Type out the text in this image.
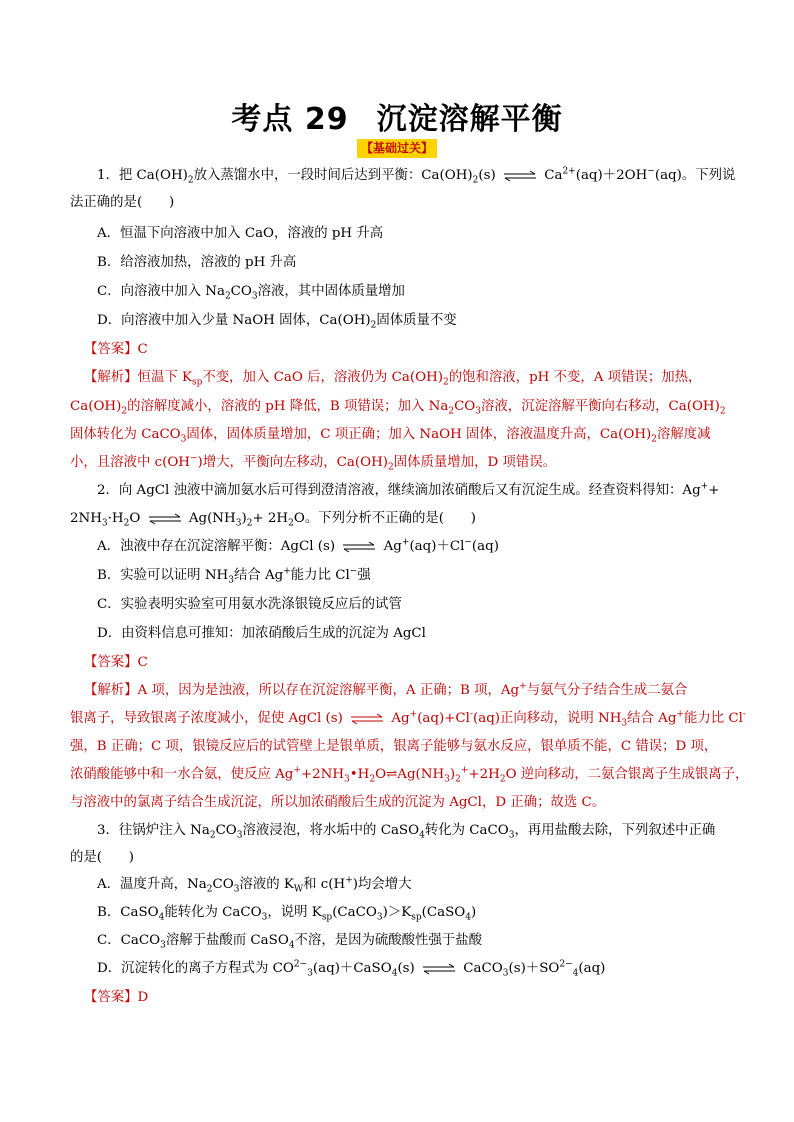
考点 29 沉淀溶解平衡
【基础过关】
1．把 $Ca(OH)_2$放入蒸馏水中，一段时间后达到平衡：$Ca(OH)_2(s)$ ⇌ $Ca^{2+}(aq)+2OH^-(aq)$。下列说
法正确的是(　　)
A．恒温下向溶液中加入 CaO，溶液的 pH 升高
B．给溶液加热，溶液的 pH 升高
C．向溶液中加入 $Na_2CO_3$溶液，其中固体质量增加
D．向溶液中加入少量 NaOH 固体，$Ca(OH)_2$固体质量不变
【答案】C
【解析】恒温下 $K_{sp}$不变，加入 CaO 后，溶液仍为 $Ca(OH)_2$的饱和溶液，pH 不变，A 项错误；加热，
$Ca(OH)_2$的溶解度减小，溶液的 pH 降低，B 项错误；加入 $Na_2CO_3$溶液，沉淀溶解平衡向右移动，$Ca(OH)_2$
固体转化为 CaCO$_3$固体，固体质量增加，C 项正确；加入 NaOH 固体，溶液温度升高，$Ca(OH)_2$溶解度减
小，且溶液中 c(OH−)增大，平衡向左移动，$Ca(OH)_2$固体质量增加，D 项错误。
2．向 AgCl 浊液中滴加氨水后可得到澄清溶液，继续滴加浓硝酸后又有沉淀生成。经查资料得知：Ag++
$2NH_3\cdot H_2O$ ⇌ $Ag(NH_3)_2+ 2H_2O$。下列分析不正确的是(　　)
A．浊液中存在沉淀溶解平衡：AgCl (s) ⇌ Ag+(aq)＋Cl−(aq)
B．实验可以证明 $NH_3$结合 Ag+能力比 Cl−强
C．实验表明实验室可用氨水洗涤银镜反应后的试管
D．由资料信息可推知：加浓硝酸后生成的沉淀为 AgCl
【答案】C
【解析】A 项，因为是浊液，所以存在沉淀溶解平衡，A 正确；B 项，Ag+与氨气分子结合生成二氨合
银离子，导致银离子浓度减小，促使 AgCl (s) ⇌ Ag+(aq)+Cl-(aq)正向移动，说明 $NH_3$结合 Ag+能力比 Cl-
强，B 正确；C 项，银镜反应后的试管壁上是银单质，银离子能够与氨水反应，银单质不能，C 错误；D 项，
浓硝酸能够中和一水合氨，使反应 $Ag^++2NH_3•H_2O\rightleftharpoons Ag(NH_3)_2^++2H_2O$ 逆向移动，二氨合银离子生成银离子，
与溶液中的氯离子结合生成沉淀，所以加浓硝酸后生成的沉淀为 AgCl，D 正确；故选 C。
3．往锅炉注入 $Na_2CO_3$溶液浸泡，将水垢中的 CaSO$_4$转化为 CaCO$_3$，再用盐酸去除，下列叙述中正确
的是(　　)
A．温度升高，$Na_2CO_3$溶液的 $K_W$和 c(H+)均会增大
B．CaSO$_4$能转化为 CaCO$_3$，说明 $K_{sp}(CaCO_3)>K_{sp}(CaSO_4)$
C．CaCO$_3$溶解于盐酸而 CaSO$_4$不溶，是因为硫酸酸性强于盐酸
D．沉淀转化的离子方程式为 $CO^{2-}_3(aq)+CaSO_4(s)$ ⇌ $CaCO_3(s)+SO^{2-}_4(aq)$
【答案】D
